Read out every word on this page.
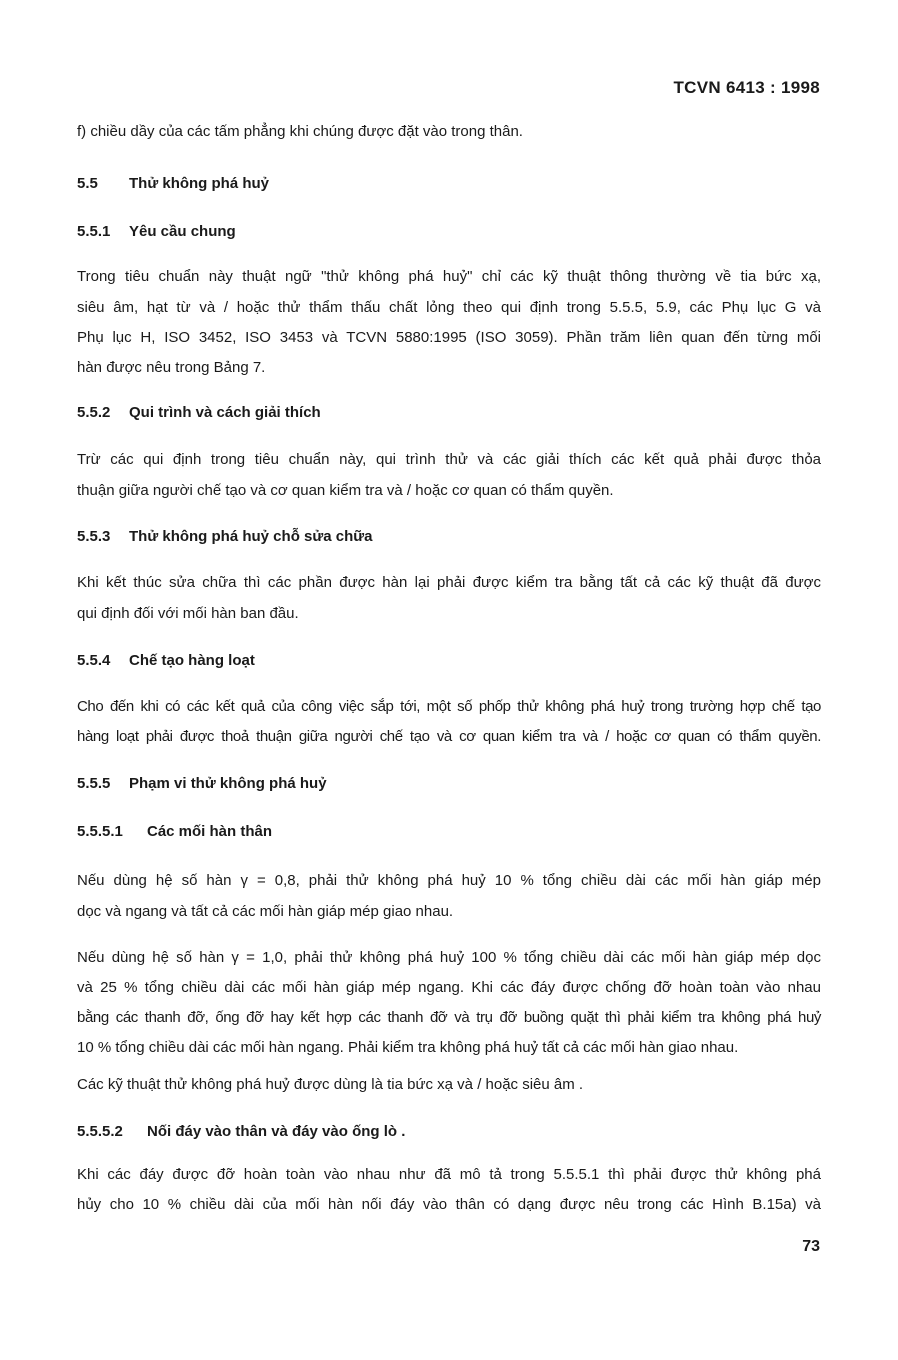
TCVN 6413 : 1998
f) chiều dầy của các tấm phẳng khi chúng được đặt vào trong thân.
5.5 Thử không phá huỷ
5.5.1 Yêu cầu chung
Trong tiêu chuẩn này thuật ngữ "thử không phá huỷ" chỉ các kỹ thuật thông thường về tia bức xạ,
siêu âm, hạt từ và / hoặc thử thẩm thấu chất lỏng theo qui định trong 5.5.5, 5.9, các Phụ lục G và
Phụ lục H, ISO 3452, ISO 3453 và TCVN 5880:1995 (ISO 3059). Phần trăm liên quan đến từng mối
hàn được nêu trong Bảng 7.
5.5.2 Qui trình và cách giải thích
Trừ các qui định trong tiêu chuẩn này, qui trình thử và các giải thích các kết quả phải được thỏa
thuận giữa người chế tạo và cơ quan kiểm tra và / hoặc cơ quan có thẩm quyền.
5.5.3 Thử không phá huỷ chỗ sửa chữa
Khi kết thúc sửa chữa thì các phần được hàn lại phải được kiểm tra bằng tất cả các kỹ thuật đã được
qui định đối với mối hàn ban đầu.
5.5.4 Chế tạo hàng loạt
Cho đến khi có các kết quả của công việc sắp tới, một số phốp thử không phá huỷ trong trường hợp chế tạo
hàng loạt phải được thoả thuận giữa người chế tạo và cơ quan kiểm tra và / hoặc cơ quan có thẩm quyền.
5.5.5 Phạm vi thử không phá huỷ
5.5.5.1 Các mối hàn thân
Nếu dùng hệ số hàn γ = 0,8, phải thử không phá huỷ 10 % tổng chiều dài các mối hàn giáp mép
dọc và ngang và tất cả các mối hàn giáp mép giao nhau.
Nếu dùng hệ số hàn γ = 1,0, phải thử không phá huỷ 100 % tổng chiều dài các mối hàn giáp mép dọc
và 25 % tổng chiều dài các mối hàn giáp mép ngang. Khi các đáy được chống đỡ hoàn toàn vào nhau
bằng các thanh đỡ, ống đỡ hay kết hợp các thanh đỡ và trụ đỡ buồng quặt thì phải kiểm tra không phá huỷ
10 % tổng chiều dài các mối hàn ngang. Phải kiểm tra không phá huỷ tất cả các mối hàn giao nhau.
Các kỹ thuật thử không phá huỷ được dùng là tia bức xạ và / hoặc siêu âm .
5.5.5.2 Nối đáy vào thân và đáy vào ống lò .
Khi các đáy được đỡ hoàn toàn vào nhau như đã mô tả trong 5.5.5.1 thì phải được thử không phá
hủy cho 10 % chiều dài của mối hàn nối đáy vào thân có dạng được nêu trong các Hình B.15a) và
73
